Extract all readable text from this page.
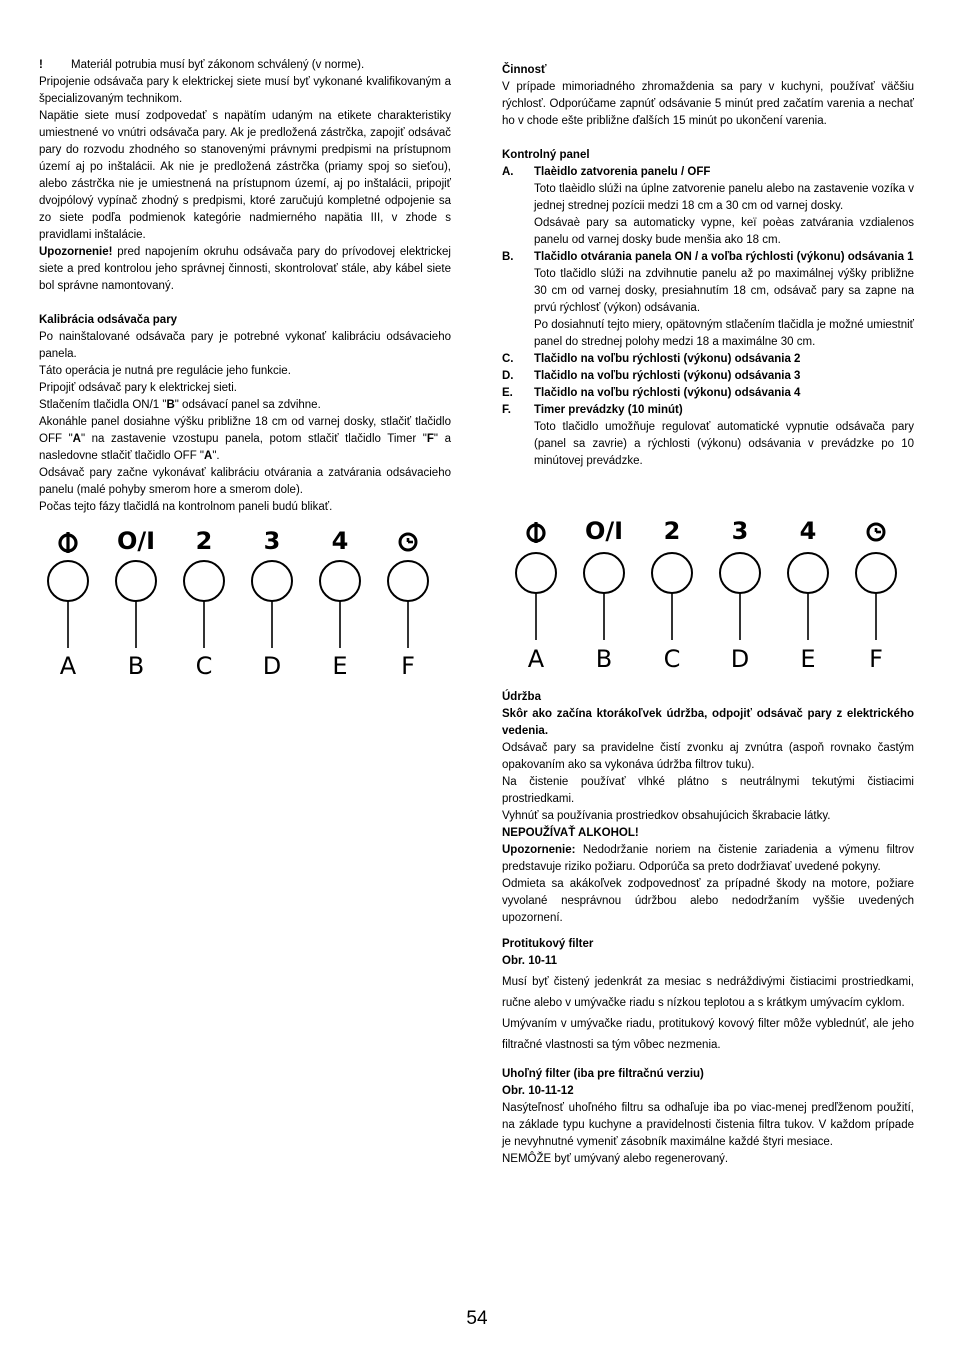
! Materiál potrubia musí byť zákonom schválený (v norme).

Pripojenie odsávača pary k elektrickej siete musí byť vykonané kvalifikovaným a špecializovaným technikom.

Napätie siete musí zodpovedať s napätím udaným na etikete charakteristiky umiestnené vo vnútri odsávača pary. Ak je predložená zástrčka, zapojiť odsávač pary do rozvodu zhodného so stanovenými právnymi predpismi na prístupnom území aj po inštalácii. Ak nie je predložená zástrčka (priamy spoj so sieťou), alebo zástrčka nie je umiestnená na prístupnom území, aj po inštalácii, pripojiť dvojpólový vypínač zhodný s predpismi, ktoré zaručujú kompletné odpojenie sa zo siete podľa podmienok kategórie nadmierného napätia III, v zhode s pravidlami inštalácie.

Upozornenie! pred napojením okruhu odsávača pary do prívodovej elektrickej siete a pred kontrolou jeho správnej činnosti, skontrolovať stále, aby kábel siete bol správne namontovaný.

Kalibrácia odsávača pary

Po nainštalované odsávača pary je potrebné vykonať kalibráciu odsávacieho panela.

Táto operácia je nutná pre regulácie jeho funkcie.

Pripojiť odsávač pary k elektrickej sieti.

Stlačením tlačidla ON/1 "B" odsávací panel sa zdvihne.

Akonáhle panel dosiahne výšku približne 18 cm od varnej dosky, stlačiť tlačidlo OFF "A" na zastavenie vzostupu panela, potom stlačiť tlačidlo Timer "F" a nasledovne stlačiť tlačidlo OFF "A".

Odsávač pary začne vykonávať kalibráciu otvárania a zatvárania odsávacieho panelu (malé pohyby smerom hore a smerom dole).

Počas tejto fázy tlačidlá na kontrolnom paneli budú blikať.

⏻
A
O/I
B
2
C
3
D
4
E
⏲
F

Činnosť

V prípade mimoriadného zhromaždenia sa pary v kuchyni, používať väčšiu rýchlosť. Odporúčame zapnúť odsávanie 5 minút pred začatím varenia a nechať ho v chode ešte približne ďalších 15 minút po ukončení varenia.

Kontrolný panel

A.	Tlaèidlo zatvorenia panelu / OFF

Toto tlaèidlo slúži na úplne zatvorenie panelu alebo na zastavenie vozíka v jednej strednej pozícii medzi 18 cm a 30 cm od varnej dosky.

Odsávaè pary sa automaticky vypne, keï poèas zatvárania vzdialenos panelu od varnej dosky bude menšia ako 18 cm.

B.	Tlačidlo otvárania panela ON / a voľba rýchlosti (výkonu) odsávania 1

Toto tlačidlo slúži na zdvihnutie panelu až po maximálnej výšky približne 30 cm od varnej dosky, presiahnutím 18 cm, odsávač pary sa zapne na prvú rýchlosť (výkon) odsávania.

Po dosiahnutí tejto miery, opätovným stlačením tlačidla je možné umiestniť panel do strednej polohy medzi 18 a maximálne 30 cm.

C.	Tlačidlo na voľbu rýchlosti (výkonu) odsávania 2
D.	Tlačidlo na voľbu rýchlosti (výkonu) odsávania 3
E.	Tlačidlo na voľbu rýchlosti (výkonu) odsávania 4
F.	Timer prevádzky (10 minút)

Toto tlačidlo umožňuje regulovať automatické vypnutie odsávača pary (panel sa zavrie) a rýchlosti (výkonu) odsávania v prevádzke po 10 minútovej prevádzke.

A
O/I
B
2
C
3
D
4
E F

Údržba

Skôr ako začína ktorákoľvek údržba, odpojiť odsávač pary z elektrického vedenia.

Odsávač pary sa pravidelne čistí zvonku aj zvnútra (aspoň rovnako častým opakovaním ako sa vykonáva údržba filtrov tuku).

Na čistenie používať vlhké plátno s neutrálnymi tekutými čistiacimi prostriedkami.

Vyhnúť sa používania prostriedkov obsahujúcich škrabacie látky.

NEPOUŽÍVAŤ ALKOHOL!

Upozornenie: Nedodržanie noriem na čistenie zariadenia a výmenu filtrov predstavuje riziko požiaru. Odporúča sa preto dodržiavať uvedené pokyny.

Odmieta sa akákoľvek zodpovednosť za prípadné škody na motore, požiare vyvolané nesprávnou údržbou alebo nedodržaním vyššie uvedených upozornení.

Protitukový filter

Obr. 10-11

Musí byť čistený jedenkrát za mesiac s nedráždivými čistiacimi prostriedkami, ručne alebo v umývačke riadu s nízkou teplotou a s krátkym umývacím cyklom.

Umývaním v umývačke riadu, protitukový kovový filter môže vyblednúť, ale jeho filtračné vlastnosti sa tým vôbec nezmenia.

Uhoľný filter (iba pre filtračnú verziu)

Obr. 10-11-12

Nasýteľnosť uhoľného filtru sa odhaľuje iba po viac-menej predľženom použití, na základe typu kuchyne a pravidelnosti čistenia filtra tukov. V každom prípade je nevyhnutné vymeniť zásobník maximálne každé štyri mesiace.

NEMÔŽE byť umývaný alebo regenerovaný.

54
